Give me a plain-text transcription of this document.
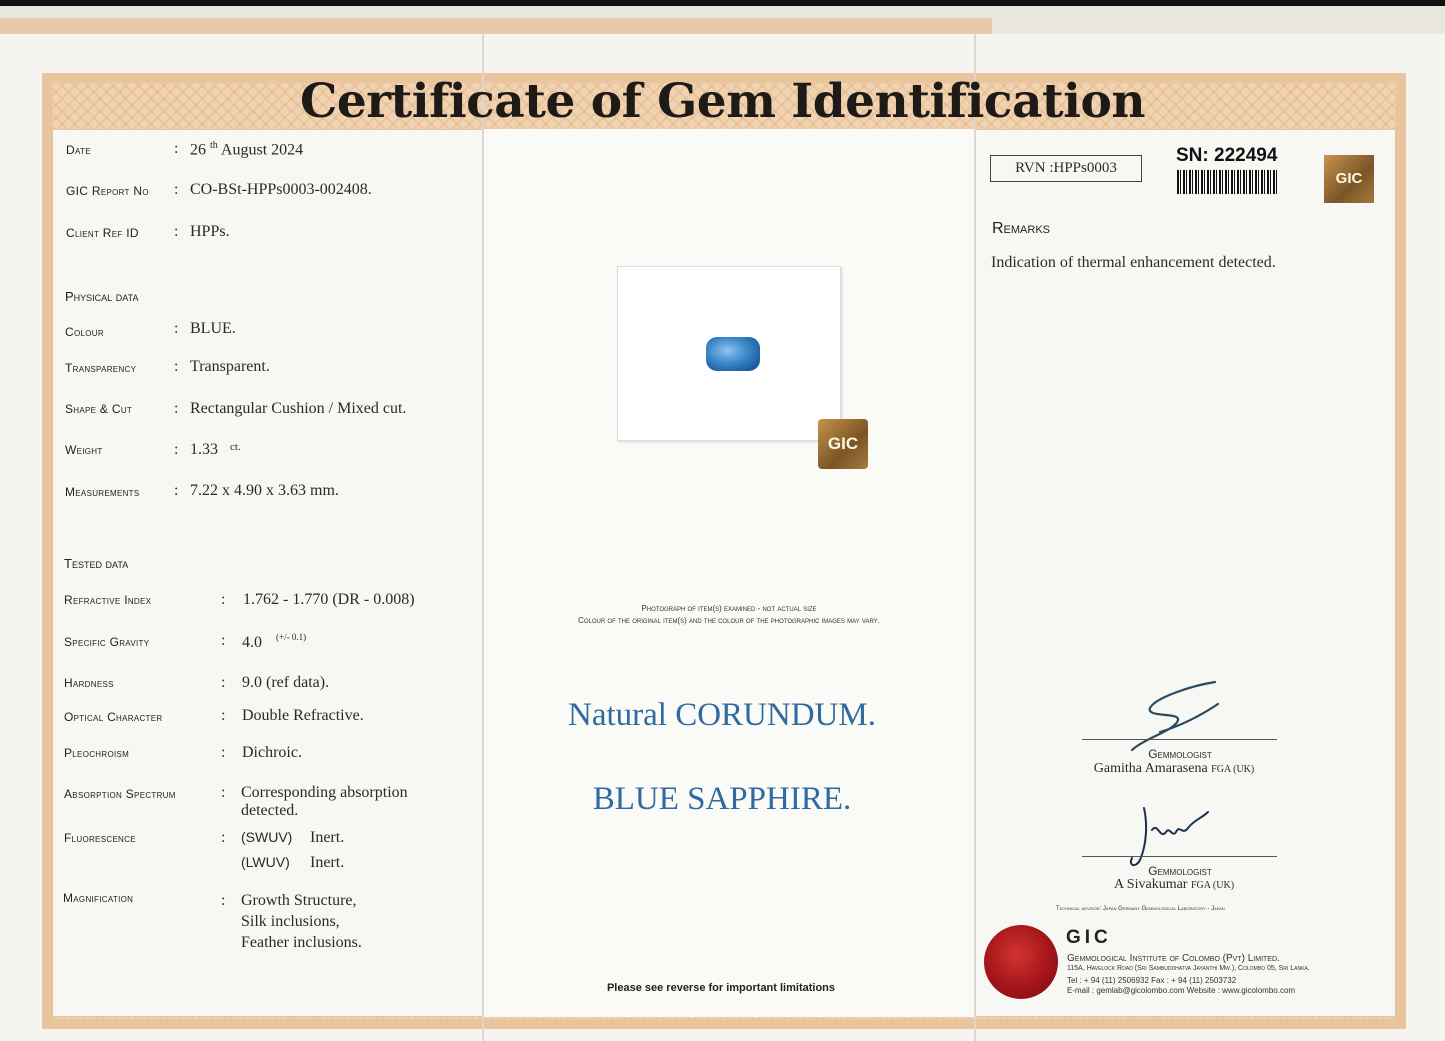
Certificate of Gem Identification
Date	: 26 $^{th}$ August 2024
GIC Report No : CO-BSt-HPPs0003-002408.
Client Ref ID : HPPs.
Physical data
Colour	: BLUE.
Transparency : Transparent.
Shape & Cut	: Rectangular Cushion / Mixed cut.
Weight	: 1.33 $^{ct.}$
Measurements : 7.22 x 4.90 x 3.63 mm.
Tested data
Refractive Index	: 1.762 - 1.770 (DR - 0.008)
Specific Gravity	: 4.0 $^{(+/- 0.1)}$
Hardness	: 9.0 (ref data).
Optical Character	: Double Refractive.
Pleochroism	: Dichroic.
Absorption Spectrum	: Corresponding absorption detected.
Fluorescence	: (SWUV) Inert.
(LWUV) Inert.
Magnification	: Growth Structure,
Silk inclusions,
Feather inclusions.
GIC
Photograph of item(s) examined - not actual size
Colour of the original item(s) and the colour of the photographic images may vary.
Natural CORUNDUM.
BLUE SAPPHIRE.
Please see reverse for important limitations
RVN :HPPs0003
SN: 222494
GIC
Remarks
Indication of thermal enhancement detected.
Gemmologist
Gamitha Amarasena FGA (UK)
Gemmologist
A Sivakumar FGA (UK)
Technical advisor: Japan Germany Gemmological Laboratory - Japan
GIC
Gemmological Institute of Colombo (Pvt) Limited.
115A, Havelock Road (Sri Sambuddhatva Jayanthi Mw.), Colombo 05, Sri Lanka.
Tel : + 94 (11) 2506932 Fax : + 94 (11) 2503732
E-mail : gemlab@gicolombo.com Website : www.gicolombo.com
